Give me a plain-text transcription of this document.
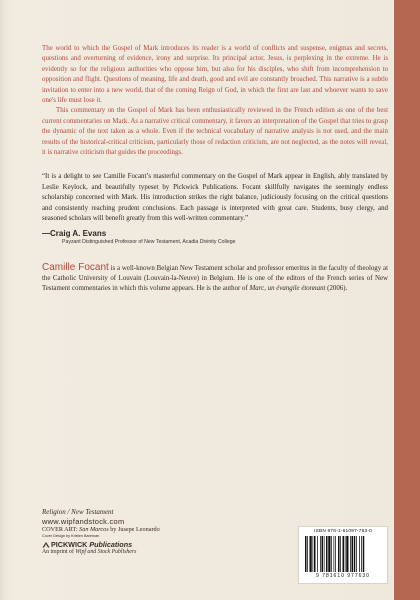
The world to which the Gospel of Mark introduces its reader is a world of conflicts and suspense, enigmas and secrets, questions and overturning of evidence, irony and surprise. Its principal actor, Jesus, is perplexing in the extreme. He is evidently so for the religious authorities who oppose him, but also for his disciples, who shift from incomprehension to opposition and flight. Questions of meaning, life and death, good and evil are constantly broached. This narrative is a subtle invitation to enter into a new world, that of the coming Reign of God, in which the first are last and whoever wants to save one's life must lose it.

This commentary on the Gospel of Mark has been enthusiastically reviewed in the French edition as one of the best current commentaries on Mark. As a narrative critical commentary, it favors an interpretation of the Gospel that tries to grasp the dynamic of the text taken as a whole. Even if the technical vocabulary of narrative analysis is not used, and the main results of the historical-critical criticism, particularly those of redaction criticism, are not neglected, as the notes will reveal, it is narrative criticism that guides the proceedings.

“It is a delight to see Camille Focant’s masterful commentary on the Gospel of Mark appear in English, ably translated by Leslie Keylock, and beautifully typeset by Pickwick Publications. Focant skillfully navigates the seemingly endless scholarship concerned with Mark. His introduction strikes the right balance, judiciously focusing on the critical questions and consistently reaching prudent conclusions. Each passage is interpreted with great care. Students, busy clergy, and seasoned scholars will benefit greatly from this well-written commentary.”

—Craig A. Evans
Payzant Distinguished Professor of New Testament, Acadia Divinity College

Camille Focant is a well-known Belgian New Testament scholar and professor emeritus in the faculty of theology at the Catholic University of Louvain (Louvain-la-Neuve) in Belgium. He is one of the editors of the French series of New Testament commentaries in which this volume appears. He is the author of Marc, un évangile étonnant (2006).

Religion / New Testament
www.wipfandstock.com
COVER ART: San Marcos by Jusepe Leonardo
Cover Design by Kristen Bareman
PICKWICK Publications
An imprint of Wipf and Stock Publishers
ISBN 978-1-61097-763-0
9 781610 977630
